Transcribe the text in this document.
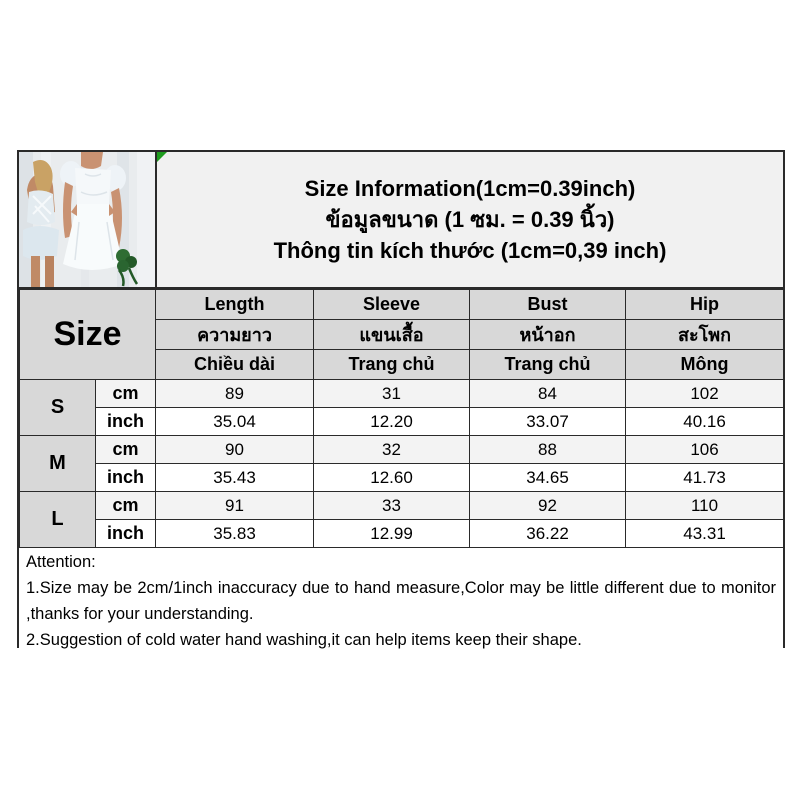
Size Information(1cm=0.39inch)
ข้อมูลขนาด (1 ซม. = 0.39 นิ้ว)
Thông tin kích thước (1cm=0,39 inch)
Size		Length	Sleeve	Bust	Hip
		ความยาว	แขนเสื้อ	หน้าอก	สะโพก
		Chiều dài	Trang chủ	Trang chủ	Mông
S	cm	89	31	84	102
	inch	35.04	12.20	33.07	40.16
M	cm	90	32	88	106
	inch	35.43	12.60	34.65	41.73
L	cm	91	33	92	110
	inch	35.83	12.99	36.22	43.31

Attention:

1.Size may be 2cm/1inch inaccuracy due to hand measure,Color may be little different due to monitor ,thanks for your understanding.

2.Suggestion of cold water hand washing,it can help items keep their shape.
